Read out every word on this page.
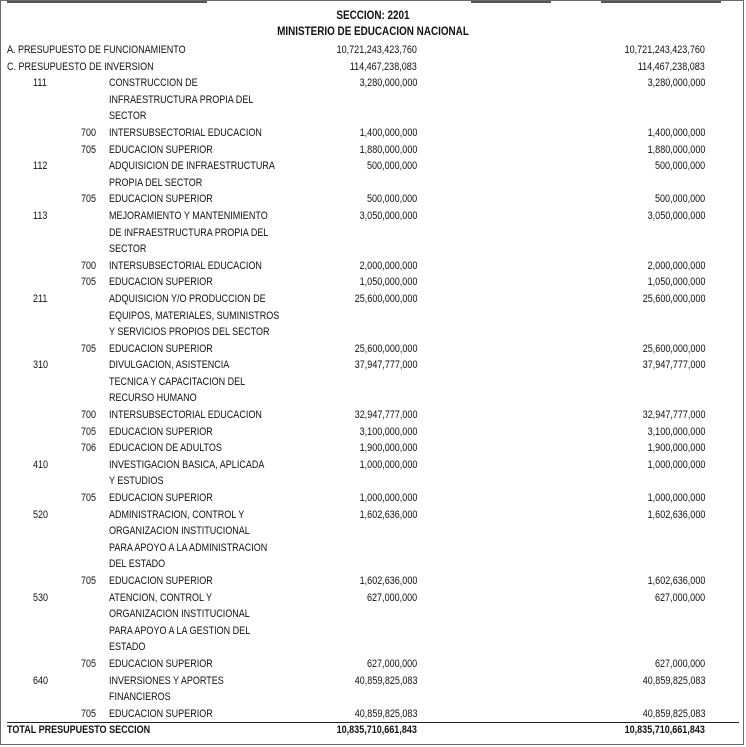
SECCION: 2201
MINISTERIO DE EDUCACION NACIONAL
A. PRESUPUESTO DE FUNCIONAMIENTO	10,721,243,423,760	10,721,243,423,760
C. PRESUPUESTO DE INVERSION	114,467,238,083	114,467,238,083
111	CONSTRUCCION DE	3,280,000,000	3,280,000,000
INFRAESTRUCTURA PROPIA DEL
SECTOR
700 INTERSUBSECTORIAL EDUCACION	1,400,000,000	1,400,000,000
705 EDUCACION SUPERIOR	1,880,000,000	1,880,000,000
112	ADQUISICION DE INFRAESTRUCTURA	500,000,000	500,000,000
PROPIA DEL SECTOR
705 EDUCACION SUPERIOR	500,000,000	500,000,000
113	MEJORAMIENTO Y MANTENIMIENTO	3,050,000,000	3,050,000,000
DE INFRAESTRUCTURA PROPIA DEL
SECTOR
700 INTERSUBSECTORIAL EDUCACION	2,000,000,000	2,000,000,000
705 EDUCACION SUPERIOR	1,050,000,000	1,050,000,000
211	ADQUISICION Y/O PRODUCCION DE	25,600,000,000	25,600,000,000
EQUIPOS, MATERIALES, SUMINISTROS
Y SERVICIOS PROPIOS DEL SECTOR
705 EDUCACION SUPERIOR	25,600,000,000	25,600,000,000
310	DIVULGACION, ASISTENCIA	37,947,777,000	37,947,777,000
TECNICA Y CAPACITACION DEL
RECURSO HUMANO
700 INTERSUBSECTORIAL EDUCACION	32,947,777,000	32,947,777,000
705 EDUCACION SUPERIOR	3,100,000,000	3,100,000,000
706 EDUCACION DE ADULTOS	1,900,000,000	1,900,000,000
410	INVESTIGACION BASICA, APLICADA	1,000,000,000	1,000,000,000
Y ESTUDIOS
705 EDUCACION SUPERIOR	1,000,000,000	1,000,000,000
520	ADMINISTRACION, CONTROL Y	1,602,636,000	1,602,636,000
ORGANIZACION INSTITUCIONAL
PARA APOYO A LA ADMINISTRACION
DEL ESTADO
705 EDUCACION SUPERIOR	1,602,636,000	1,602,636,000
530	ATENCION, CONTROL Y	627,000,000	627,000,000
ORGANIZACION INSTITUCIONAL
PARA APOYO A LA GESTION DEL
ESTADO
705 EDUCACION SUPERIOR	627,000,000	627,000,000
640	INVERSIONES Y APORTES	40,859,825,083	40,859,825,083
FINANCIEROS
705 EDUCACION SUPERIOR	40,859,825,083	40,859,825,083
TOTAL PRESUPUESTO SECCION	10,835,710,661,843	10,835,710,661,843
